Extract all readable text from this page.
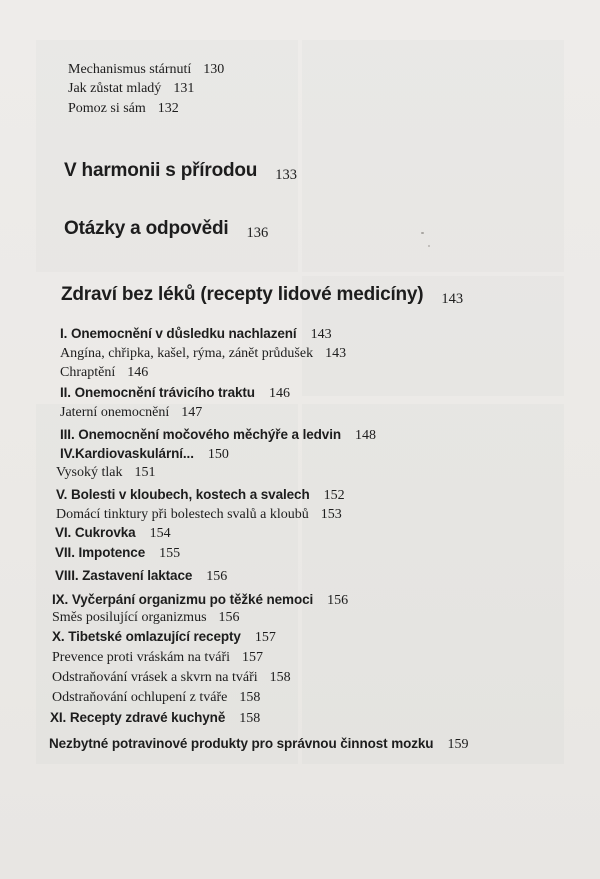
Mechanismus stárnutí 130
Jak zůstat mladý 131
Pomoz si sám 132
V harmonii s přírodou 133
Otázky a odpovědi 136
Zdraví bez léků (recepty lidové medicíny) 143
I. Onemocnění v důsledku nachlazení 143
Angína, chřipka, kašel, rýma, zánět průdušek 143
Chraptění 146
II. Onemocnění trávicího traktu 146
Jaterní onemocnění 147
III. Onemocnění močového měchýře a ledvin 148
IV.Kardiovaskulární... 150
Vysoký tlak 151
V. Bolesti v kloubech, kostech a svalech 152
Domácí tinktury při bolestech svalů a kloubů 153
VI. Cukrovka 154
VII. Impotence 155
VIII. Zastavení laktace 156
IX. Vyčerpání organizmu po těžké nemoci 156
Směs posilující organizmus 156
X. Tibetské omlazující recepty 157
Prevence proti vráskám na tváři 157
Odstraňování vrásek a skvrn na tváři 158
Odstraňování ochlupení z tváře 158
XI. Recepty zdravé kuchyně 158
Nezbytné potravinové produkty pro správnou činnost mozku 159
